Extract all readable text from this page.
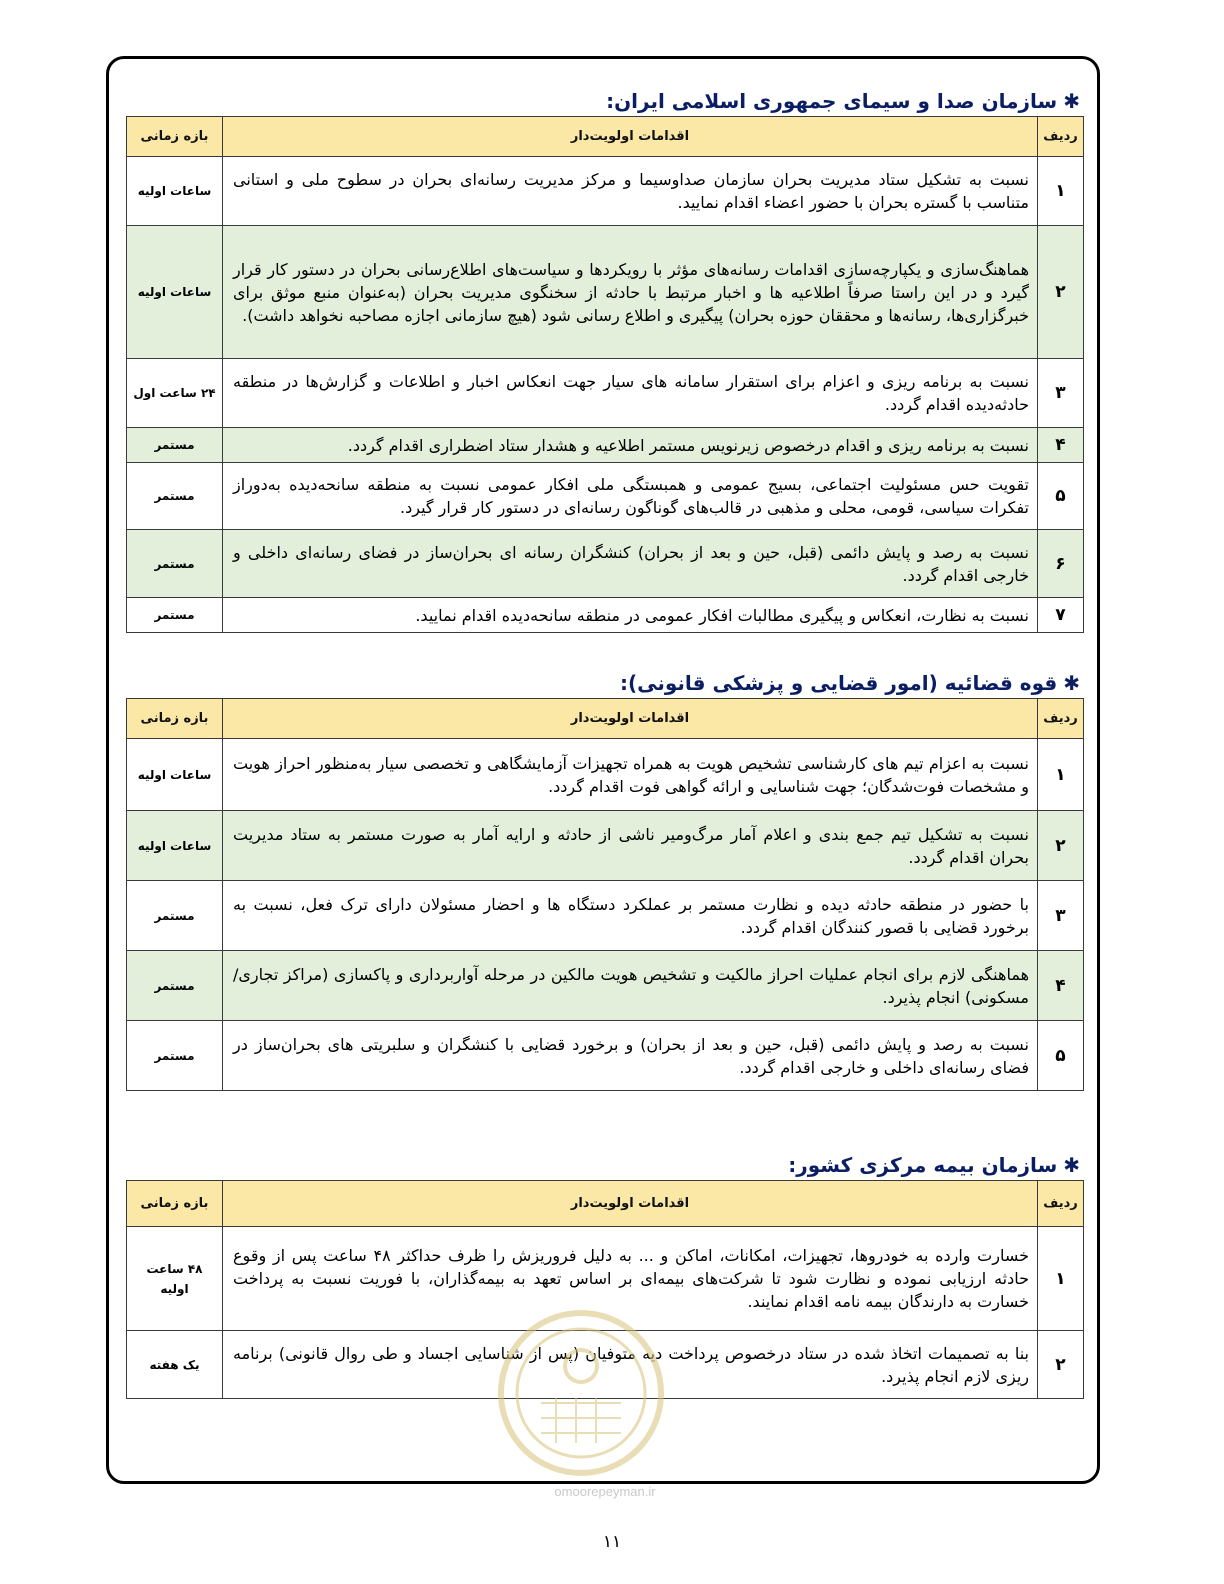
✱سازمان صدا و سیمای جمهوری اسلامی ایران:
ردیف	اقدامات اولویت‌دار	بازه زمانی
۱	نسبت به تشکیل ستاد مدیریت بحران سازمان صداوسیما و مرکز مدیریت رسانه‌ای بحران در سطوح ملی و استانی متناسب با گستره بحران با حضور اعضاء اقدام نمایید.	ساعات اولیه
۲	هماهنگ‌سازی و یکپارچه‌سازی اقدامات رسانه‌های مؤثر با رویکردها و سیاست‌های اطلاع‌رسانی بحران در دستور کار قرار گیرد و در این راستا صرفاً اطلاعیه ها و اخبار مرتبط با حادثه از سخنگوی مدیریت بحران (به‌عنوان منبع موثق برای خبرگزاری‌ها، رسانه‌ها و محققان حوزه بحران) پیگیری و اطلاع رسانی شود (هیچ سازمانی اجازه مصاحبه نخواهد داشت).	ساعات اولیه
۳	نسبت به برنامه ریزی و اعزام برای استقرار سامانه های سیار جهت انعکاس اخبار و اطلاعات و گزارش‌ها در منطقه حادثه‌دیده اقدام گردد.	۲۴ ساعت اول
۴	نسبت به برنامه ریزی و اقدام درخصوص زیرنویس مستمر اطلاعیه و هشدار ستاد اضطراری اقدام گردد.	مستمر
۵	تقویت حس مسئولیت اجتماعی، بسیج عمومی و همبستگی ملی افکار عمومی نسبت به منطقه سانحه‌دیده به‌دوراز تفکرات سیاسی، قومی، محلی و مذهبی در قالب‌های گوناگون رسانه‌ای در دستور کار قرار گیرد.	مستمر
۶	نسبت به رصد و پایش دائمی (قبل، حین و بعد از بحران) کنشگران رسانه ای بحران‌ساز در فضای رسانه‌ای داخلی و خارجی اقدام گردد.	مستمر
۷	نسبت به نظارت، انعکاس و پیگیری مطالبات افکار عمومی در منطقه سانحه‌دیده اقدام نمایید.	مستمر
✱قوه قضائیه (امور قضایی و پزشکی قانونی):
ردیف	اقدامات اولویت‌دار	بازه زمانی
۱	نسبت به اعزام تیم های کارشناسی تشخیص هویت به همراه تجهیزات آزمایشگاهی و تخصصی سیار به‌منظور احراز هویت و مشخصات فوت‌شدگان؛ جهت شناسایی و ارائه گواهی فوت اقدام گردد.	ساعات اولیه
۲	نسبت به تشکیل تیم جمع بندی و اعلام آمار مرگ‌ومیر ناشی از حادثه و ارایه آمار به صورت مستمر به ستاد مدیریت بحران اقدام گردد.	ساعات اولیه
۳	با حضور در منطقه حادثه دیده و نظارت مستمر بر عملکرد دستگاه ها و احضار مسئولان دارای ترک فعل، نسبت به برخورد قضایی با قصور کنندگان اقدام گردد.	مستمر
۴	هماهنگی لازم برای انجام عملیات احراز مالکیت و تشخیص هویت مالکین در مرحله آواربرداری و پاکسازی (مراکز تجاری/مسکونی) انجام پذیرد.	مستمر
۵	نسبت به رصد و پایش دائمی (قبل، حین و بعد از بحران) و برخورد قضایی با کنشگران و سلبریتی های بحران‌ساز در فضای رسانه‌ای داخلی و خارجی اقدام گردد.	مستمر
✱سازمان بیمه مرکزی کشور:
ردیف	اقدامات اولویت‌دار	بازه زمانی
۱	خسارت وارده به خودروها، تجهیزات، امکانات، اماکن و ... به دلیل فروریزش را ظرف حداکثر ۴۸ ساعت پس از وقوع حادثه ارزیابی نموده و نظارت شود تا شرکت‌های بیمه‌ای بر اساس تعهد به بیمه‌گذاران، با فوریت نسبت به پرداخت خسارت به دارندگان بیمه نامه اقدام نمایند.	۴۸ ساعت اولیه
۲	بنا به تصمیمات اتخاذ شده در ستاد درخصوص پرداخت دیه متوفیان (پس از شناسایی اجساد و طی روال قانونی) برنامه ریزی لازم انجام پذیرد.	یک هفته
omoorepeyman.ir
۱۱
